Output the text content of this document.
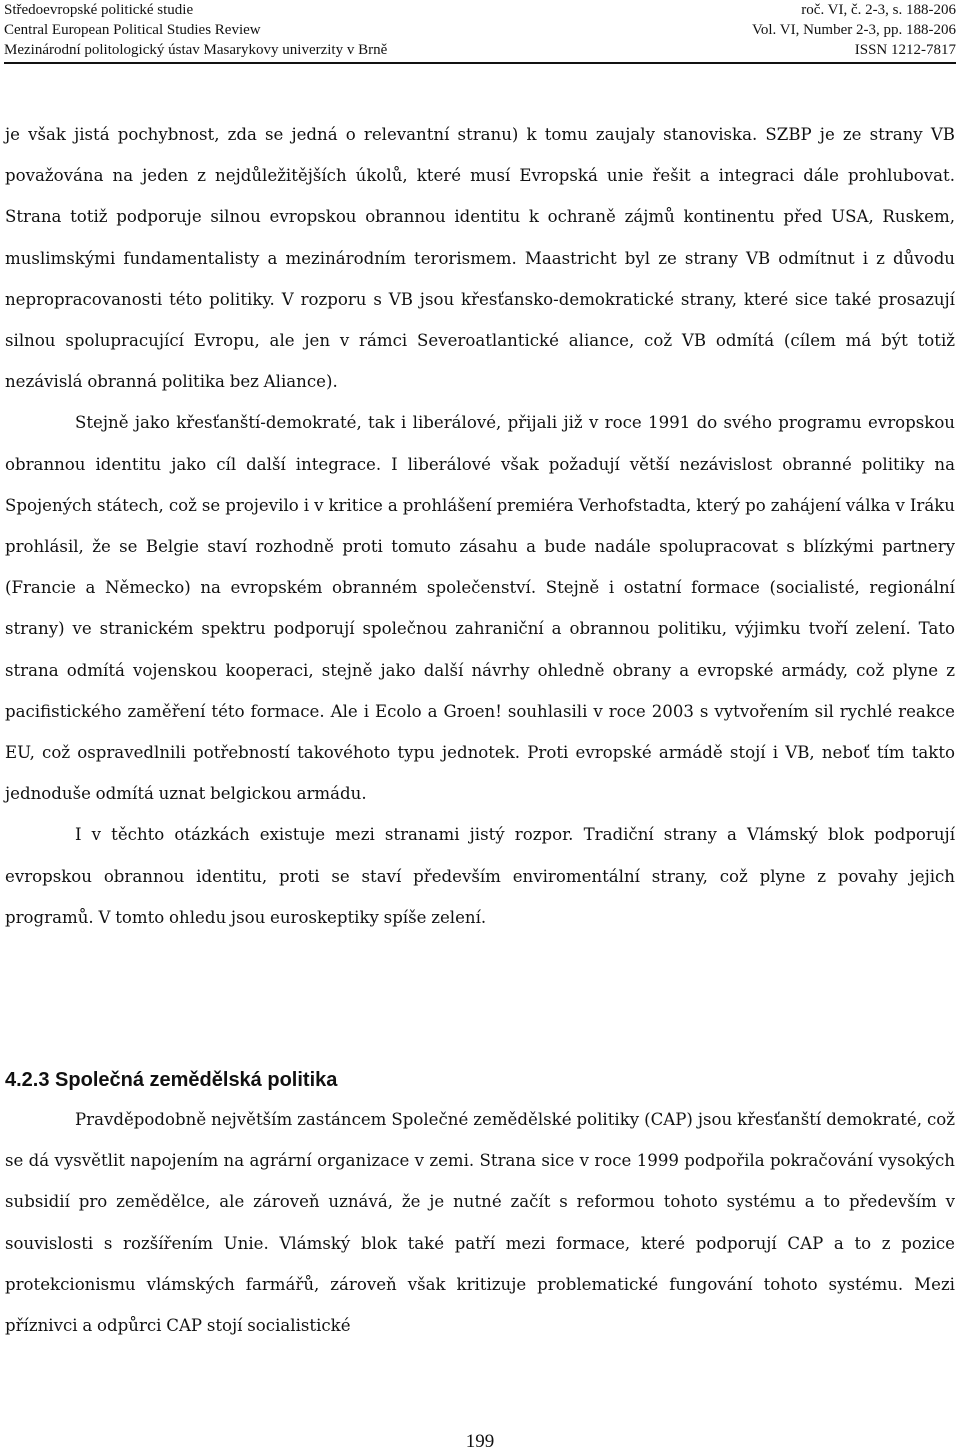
Středoevropské politické studie	roč. VI, č. 2-3, s. 188-206
Central European Political Studies Review	Vol. VI, Number 2-3, pp. 188-206
Mezinárodní politologický ústav Masarykovy univerzity v Brně	ISSN 1212-7817

je však jistá pochybnost, zda se jedná o relevantní stranu) k tomu zaujaly stanoviska. SZBP je ze strany VB považována na jeden z nejdůležitějších úkolů, které musí Evropská unie řešit a integraci dále prohlubovat. Strana totiž podporuje silnou evropskou obrannou identitu k ochraně zájmů kontinentu před USA, Ruskem, muslimskými fundamentalisty a mezinárodním terorismem. Maastricht byl ze strany VB odmítnut i z důvodu nepropracovanosti této politiky. V rozporu s VB jsou křesťansko-demokratické strany, které sice také prosazují silnou spolupracující Evropu, ale jen v rámci Severoatlantické aliance, což VB odmítá (cílem má být totiž nezávislá obranná politika bez Aliance).

Stejně jako křesťanští-demokraté, tak i liberálové, přijali již v roce 1991 do svého programu evropskou obrannou identitu jako cíl další integrace. I liberálové však požadují větší nezávislost obranné politiky na Spojených státech, což se projevilo i v kritice a prohlášení premiéra Verhofstadta, který po zahájení válka v Iráku prohlásil, že se Belgie staví rozhodně proti tomuto zásahu a bude nadále spolupracovat s blízkými partnery (Francie a Německo) na evropském obranném společenství. Stejně i ostatní formace (socialisté, regionální strany) ve stranickém spektru podporují společnou zahraniční a obrannou politiku, výjimku tvoří zelení. Tato strana odmítá vojenskou kooperaci, stejně jako další návrhy ohledně obrany a evropské armády, což plyne z pacifistického zaměření této formace. Ale i Ecolo a Groen! souhlasili v roce 2003 s vytvořením sil rychlé reakce EU, což ospravedlnili potřebností takovéhoto typu jednotek. Proti evropské armádě stojí i VB, neboť tím takto jednoduše odmítá uznat belgickou armádu.

I v těchto otázkách existuje mezi stranami jistý rozpor. Tradiční strany a Vlámský blok podporují evropskou obrannou identitu, proti se staví především enviromentální strany, což plyne z povahy jejich programů. V tomto ohledu jsou euroskeptiky spíše zelení.

4.2.3 Společná zemědělská politika

Pravděpodobně největším zastáncem Společné zemědělské politiky (CAP) jsou křesťanští demokraté, což se dá vysvětlit napojením na agrární organizace v zemi. Strana sice v roce 1999 podpořila pokračování vysokých subsidií pro zemědělce, ale zároveň uznává, že je nutné začít s reformou tohoto systému a to především v souvislosti s rozšířením Unie. Vlámský blok také patří mezi formace, které podporují CAP a to z pozice protekcionismu vlámských farmářů, zároveň však kritizuje problematické fungování tohoto systému. Mezi příznivci a odpůrci CAP stojí socialistické

199
